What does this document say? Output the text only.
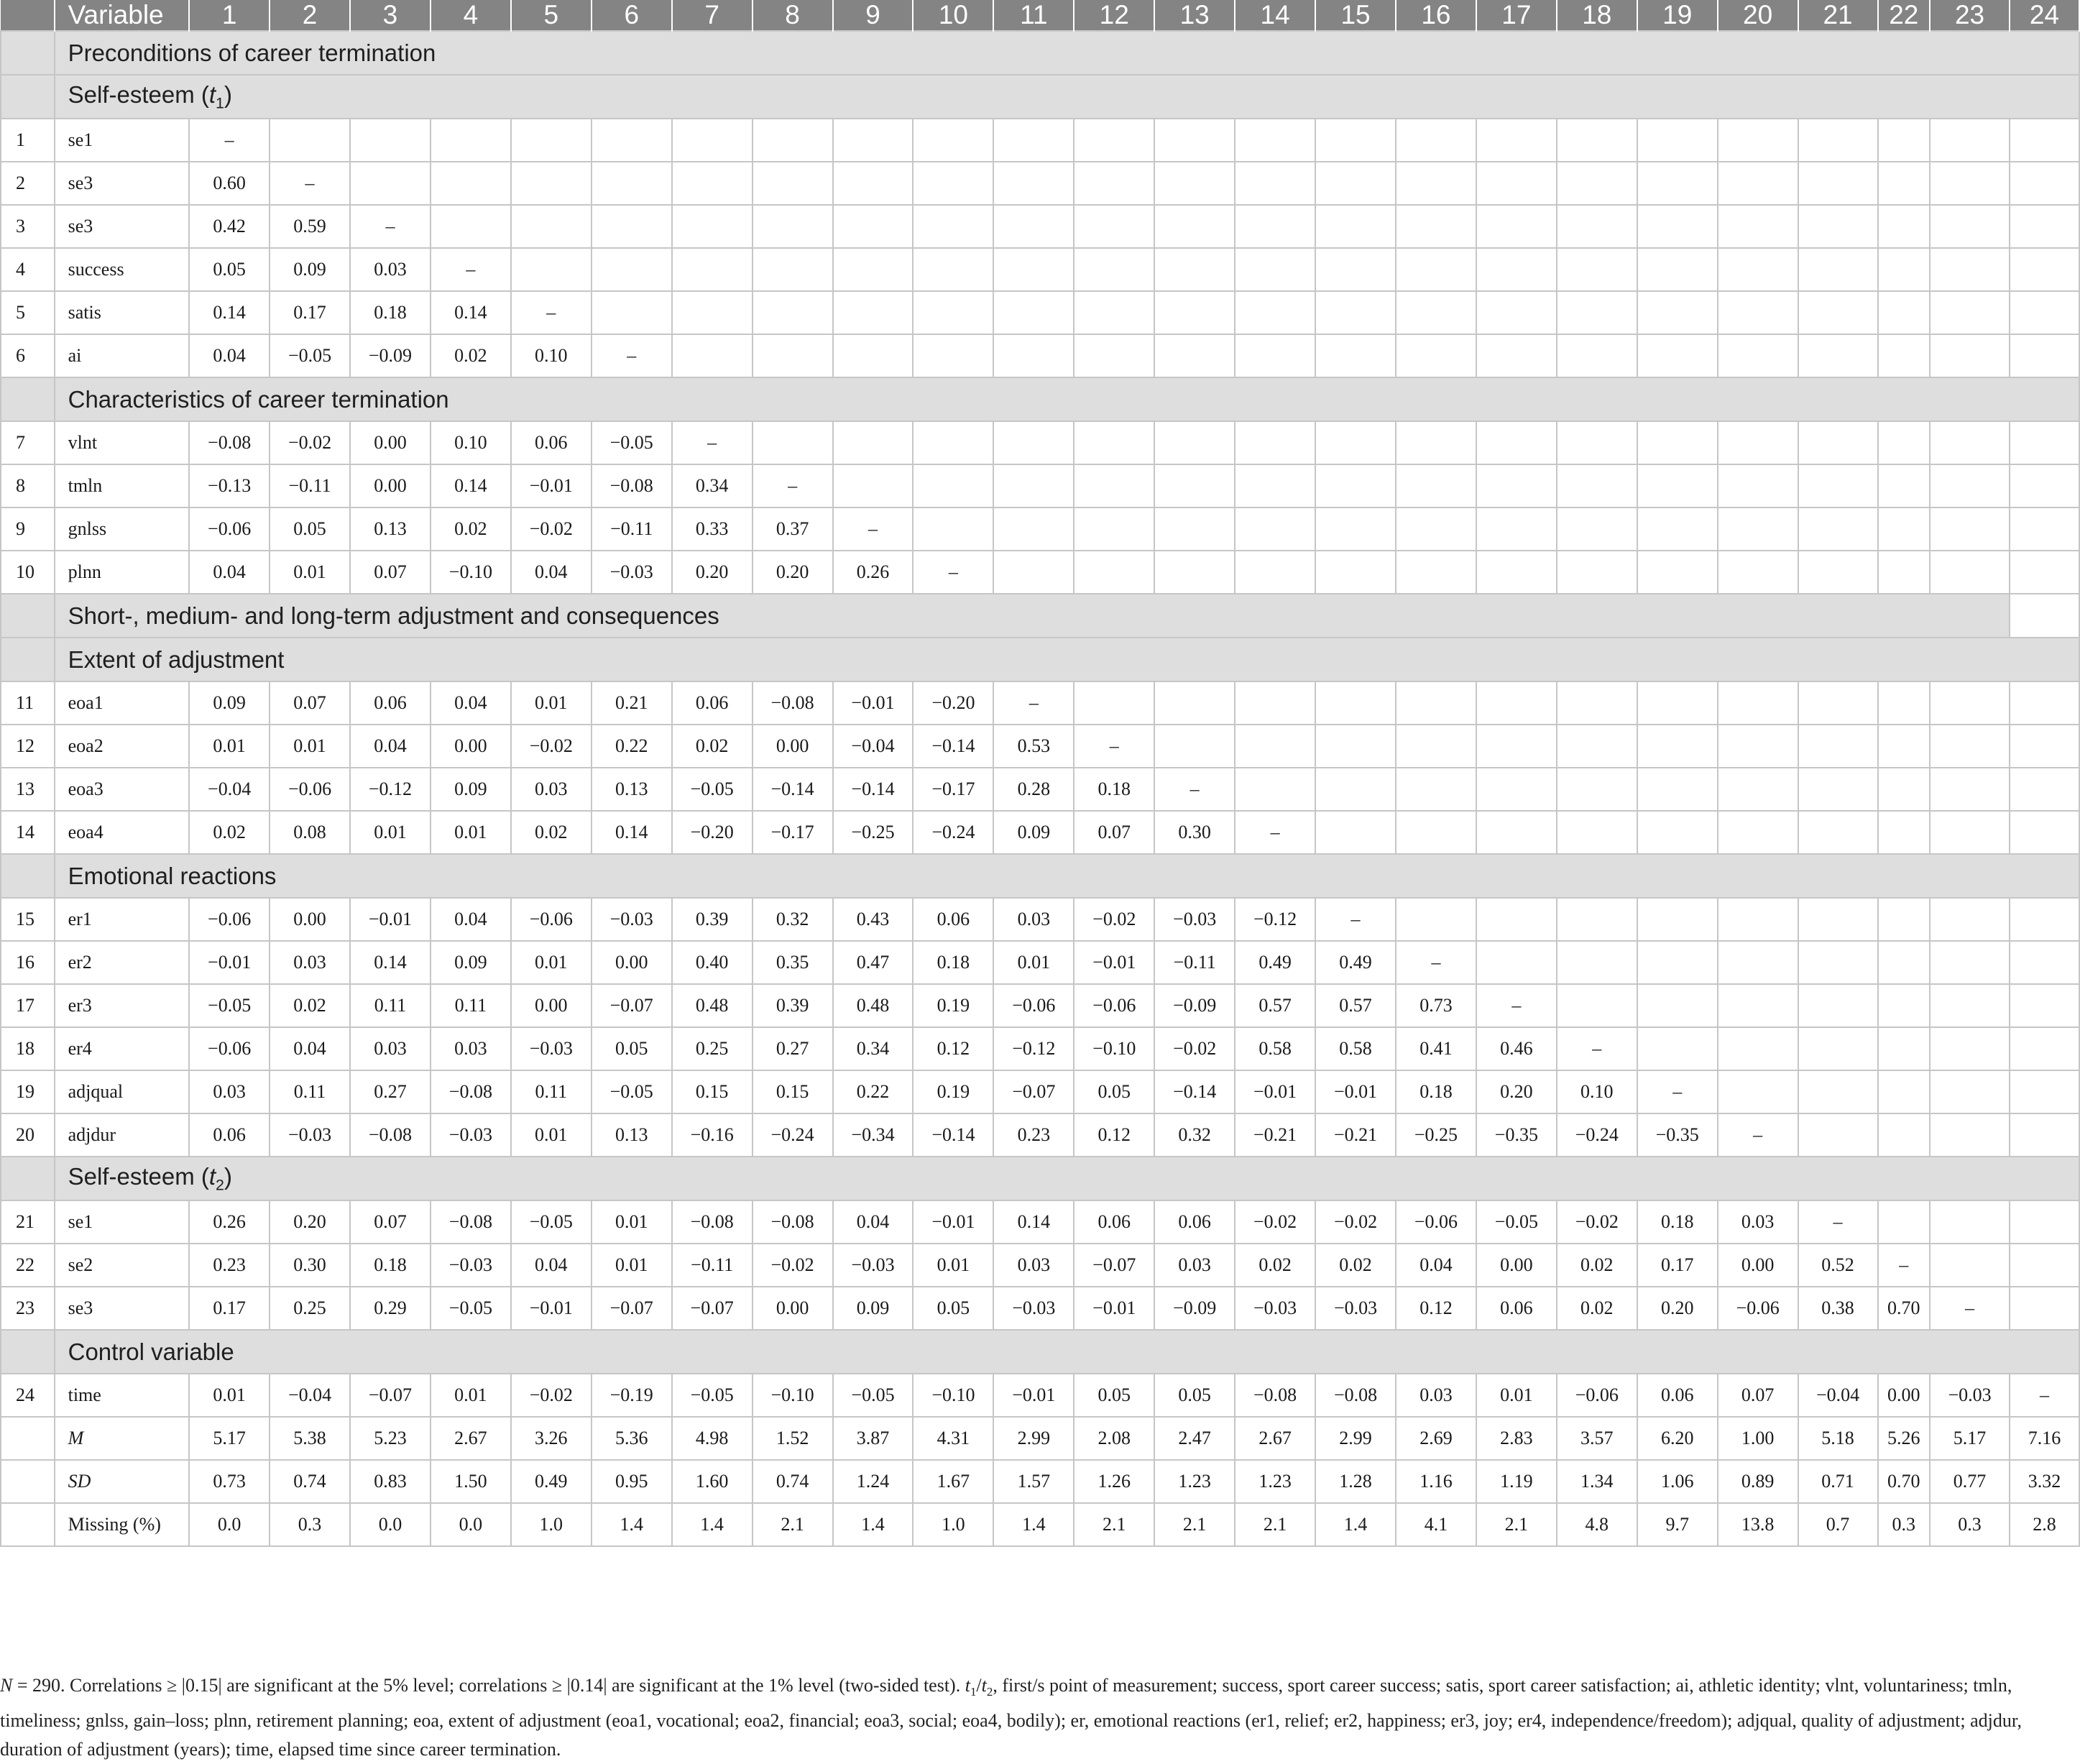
	Variable	1	2	3	4	5	6	7	8	9	10	11	12	13	14	15	16	17	18	19	20	21	22	23	24
	Preconditions of career termination																								
	Self-esteem $(t_1)$																								
1	se1	–																							
2	se3	0.60	–																						
3	se3	0.42	0.59	–																					
4	success	0.05	0.09	0.03	–																				
5	satis	0.14	0.17	0.18	0.14	–																			
6	ai	0.04	−0.05	−0.09	0.02	0.10	–																		
	Characteristics of career termination																								
7	vlnt	−0.08	−0.02	0.00	0.10	0.06	−0.05	–																	
8	tmln	−0.13	−0.11	0.00	0.14	−0.01	−0.08	0.34	–																
9	gnlss	−0.06	0.05	0.13	0.02	−0.02	−0.11	0.33	0.37	–															
10	plnn	0.04	0.01	0.07	−0.10	0.04	−0.03	0.20	0.20	0.26	–														
	Short-, medium- and long-term adjustment and consequences																								
	Extent of adjustment																								
11	eoa1	0.09	0.07	0.06	0.04	0.01	0.21	0.06	−0.08	−0.01	−0.20	–													
12	eoa2	0.01	0.01	0.04	0.00	−0.02	0.22	0.02	0.00	−0.04	−0.14	0.53	–												
13	eoa3	−0.04	−0.06	−0.12	0.09	0.03	0.13	−0.05	−0.14	−0.14	−0.17	0.28	0.18	–											
14	eoa4	0.02	0.08	0.01	0.01	0.02	0.14	−0.20	−0.17	−0.25	−0.24	0.09	0.07	0.30	–										
	Emotional reactions																								
15	er1	−0.06	0.00	−0.01	0.04	−0.06	−0.03	0.39	0.32	0.43	0.06	0.03	−0.02	−0.03	−0.12	–									
16	er2	−0.01	0.03	0.14	0.09	0.01	0.00	0.40	0.35	0.47	0.18	0.01	−0.01	−0.11	0.49	0.49	–								
17	er3	−0.05	0.02	0.11	0.11	0.00	−0.07	0.48	0.39	0.48	0.19	−0.06	−0.06	−0.09	0.57	0.57	0.73	–							
18	er4	−0.06	0.04	0.03	0.03	−0.03	0.05	0.25	0.27	0.34	0.12	−0.12	−0.10	−0.02	0.58	0.58	0.41	0.46	–						
19	adjqual	0.03	0.11	0.27	−0.08	0.11	−0.05	0.15	0.15	0.22	0.19	−0.07	0.05	−0.14	−0.01	−0.01	0.18	0.20	0.10	–					
20	adjdur	0.06	−0.03	−0.08	−0.03	0.01	0.13	−0.16	−0.24	−0.34	−0.14	0.23	0.12	0.32	−0.21	−0.21	−0.25	−0.35	−0.24	−0.35	–				
	Self-esteem $(t_2)$																								
21	se1	0.26	0.20	0.07	−0.08	−0.05	0.01	−0.08	−0.08	0.04	−0.01	0.14	0.06	0.06	−0.02	−0.02	−0.06	−0.05	−0.02	0.18	0.03	–			
22	se2	0.23	0.30	0.18	−0.03	0.04	0.01	−0.11	−0.02	−0.03	0.01	0.03	−0.07	0.03	0.02	0.02	0.04	0.00	0.02	0.17	0.00	0.52	–		
23	se3	0.17	0.25	0.29	−0.05	−0.01	−0.07	−0.07	0.00	0.09	0.05	−0.03	−0.01	−0.09	−0.03	−0.03	0.12	0.06	0.02	0.20	−0.06	0.38	0.70	–	
	Control variable																								
24	time	0.01	−0.04	−0.07	0.01	−0.02	−0.19	−0.05	−0.10	−0.05	−0.10	−0.01	0.05	0.05	−0.08	−0.08	0.03	0.01	−0.06	0.06	0.07	−0.04	0.00	−0.03	–
	M	5.17	5.38	5.23	2.67	3.26	5.36	4.98	1.52	3.87	4.31	2.99	2.08	2.47	2.67	2.99	2.69	2.83	3.57	6.20	1.00	5.18	5.26	5.17	7.16
	SD	0.73	0.74	0.83	1.50	0.49	0.95	1.60	0.74	1.24	1.67	1.57	1.26	1.23	1.23	1.28	1.16	1.19	1.34	1.06	0.89	0.71	0.70	0.77	3.32
	Missing (%)	0.0	0.3	0.0	0.0	1.0	1.4	1.4	2.1	1.4	1.0	1.4	2.1	2.1	2.1	1.4	4.1	2.1	4.8	9.7	13.8	0.7	0.3	0.3	2.8
N = 290. Correlations ≥ |0.15| are significant at the 5% level; correlations ≥ |0.14| are significant at the 1% level (two-sided test). $t_1/t_2$, first/s point of measurement; success, sport career success; satis, sport career satisfaction; ai, athletic identity; vlnt, voluntariness; tmln, timeliness; gnlss, gain–loss; plnn, retirement planning; eoa, extent of adjustment (eoa1, vocational; eoa2, financial; eoa3, social; eoa4, bodily); er, emotional reactions (er1, relief; er2, happiness; er3, joy; er4, independence/freedom); adjqual, quality of adjustment; adjdur, duration of adjustment (years); time, elapsed time since career termination.
